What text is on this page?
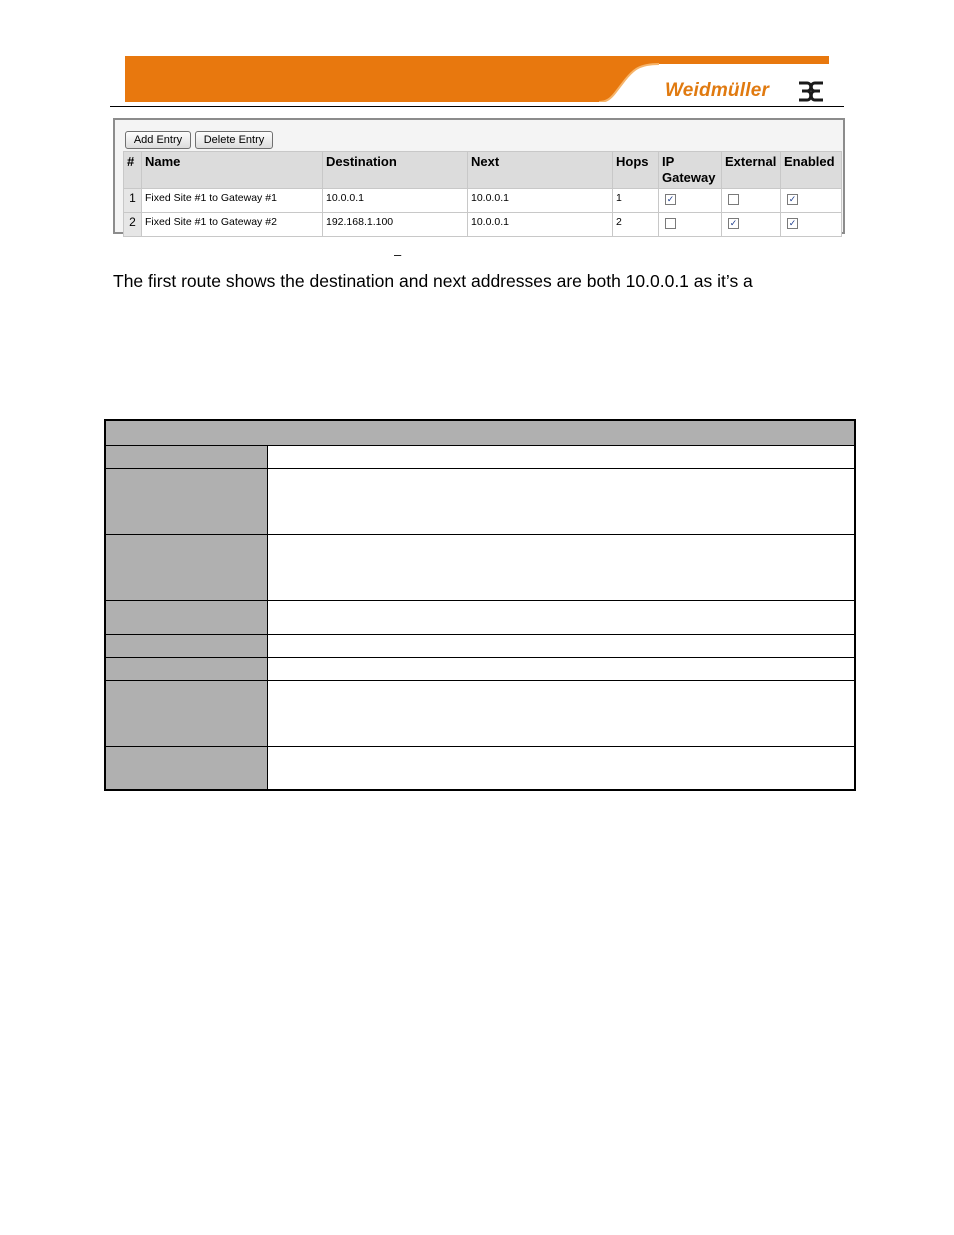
Weidmüller
Add Entry	Delete Entry
#	Name	Destination	Next	Hops	IP
Gateway	External	Enabled
1	Fixed Site #1 to Gateway #1	10.0.0.1	10.0.0.1	1	✓		✓
2	Fixed Site #1 to Gateway #2	192.168.1.100	10.0.0.1	2		✓	✓
–
The first route shows the destination and next addresses are both 10.0.0.1 as it’s a
